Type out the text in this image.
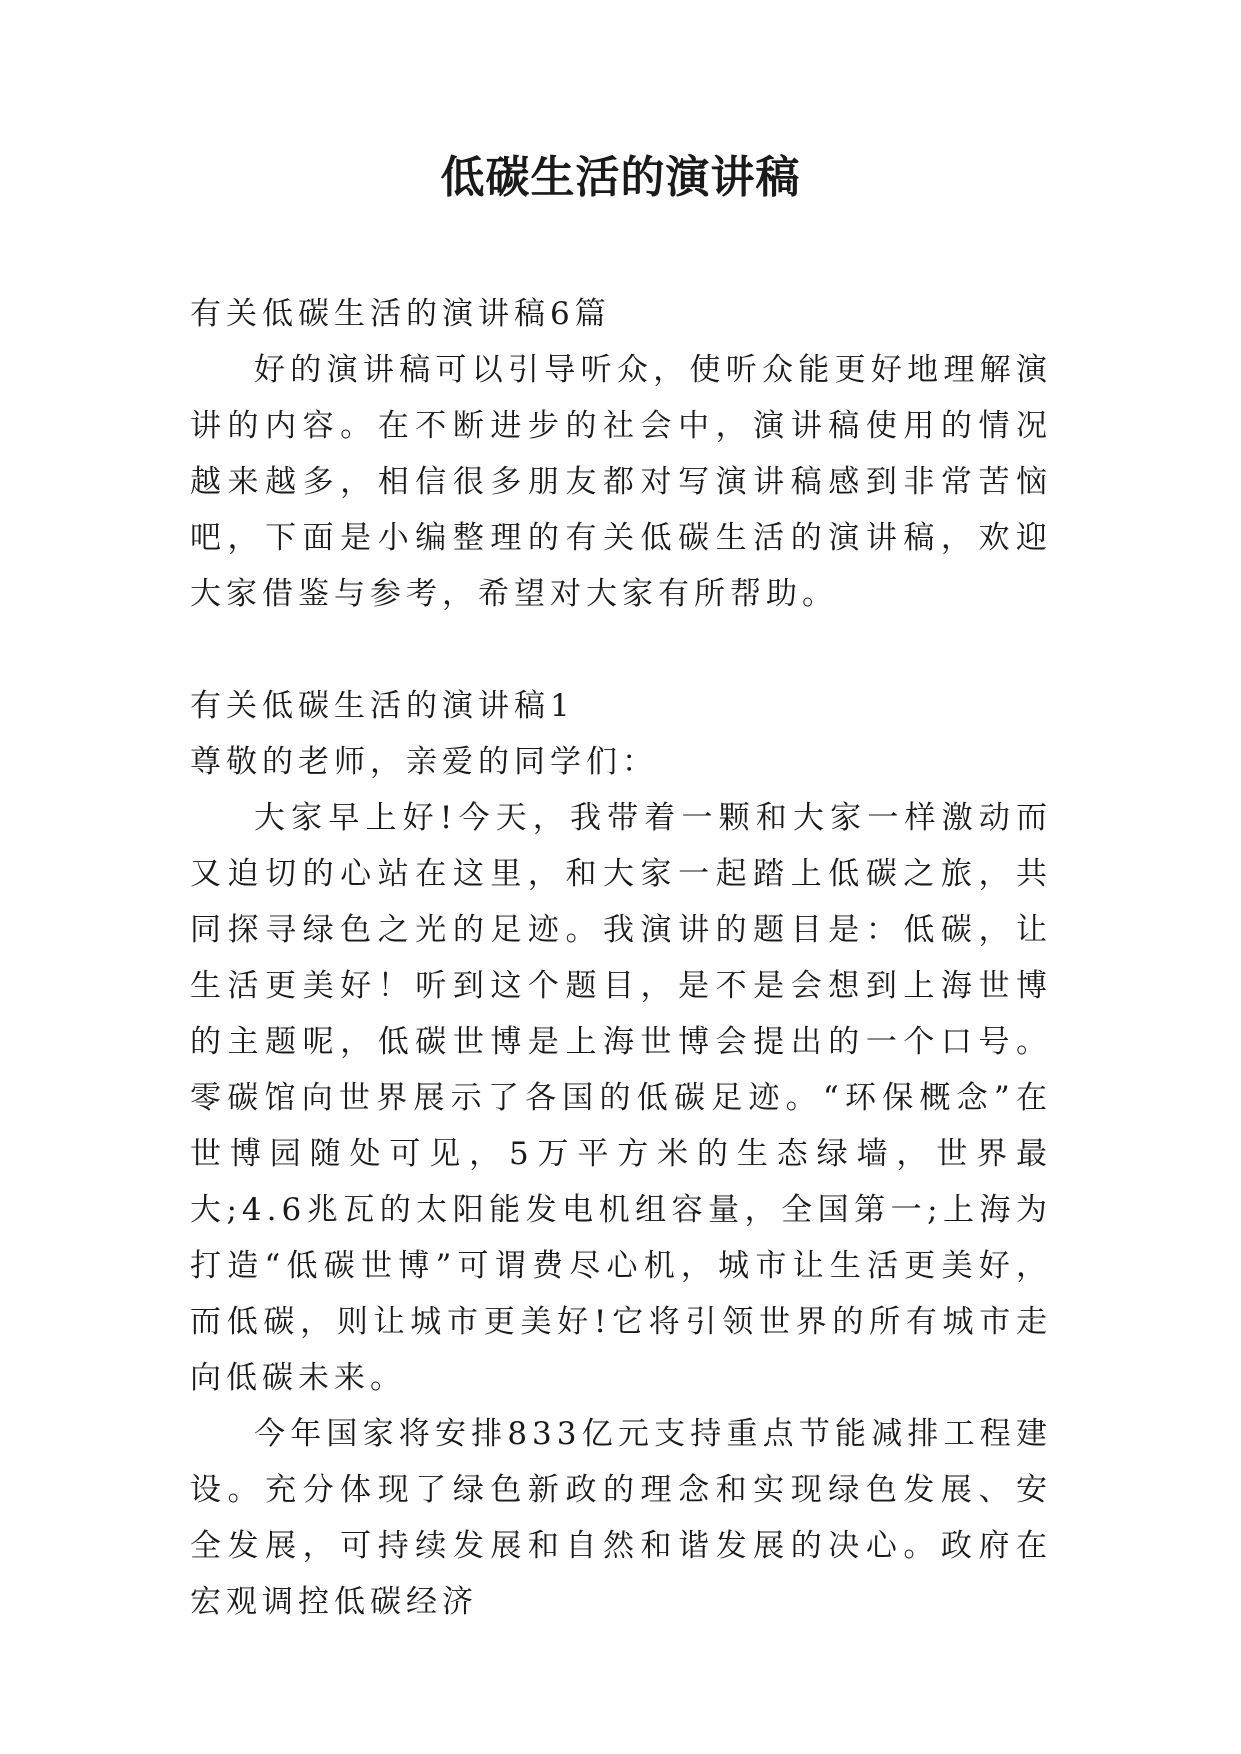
低碳生活的演讲稿

有关低碳生活的演讲稿6篇

好的演讲稿可以引导听众，使听众能更好地理解演讲的内容。在不断进步的社会中，演讲稿使用的情况越来越多，相信很多朋友都对写演讲稿感到非常苦恼吧，下面是小编整理的有关低碳生活的演讲稿，欢迎大家借鉴与参考，希望对大家有所帮助。

有关低碳生活的演讲稿1

尊敬的老师，亲爱的同学们：

大家早上好!今天，我带着一颗和大家一样激动而又迫切的心站在这里，和大家一起踏上低碳之旅，共同探寻绿色之光的足迹。我演讲的题目是：低碳，让生活更美好！听到这个题目，是不是会想到上海世博的主题呢，低碳世博是上海世博会提出的一个口号。零碳馆向世界展示了各国的低碳足迹。“环保概念”在世博园随处可见，5万平方米的生态绿墙，世界最大;4.6兆瓦的太阳能发电机组容量，全国第一;上海为打造“低碳世博”可谓费尽心机，城市让生活更美好，而低碳，则让城市更美好!它将引领世界的所有城市走向低碳未来。

今年国家将安排833亿元支持重点节能减排工程建设。充分体现了绿色新政的理念和实现绿色发展、安全发展，可持续发展和自然和谐发展的决心。政府在宏观调控低碳经济
